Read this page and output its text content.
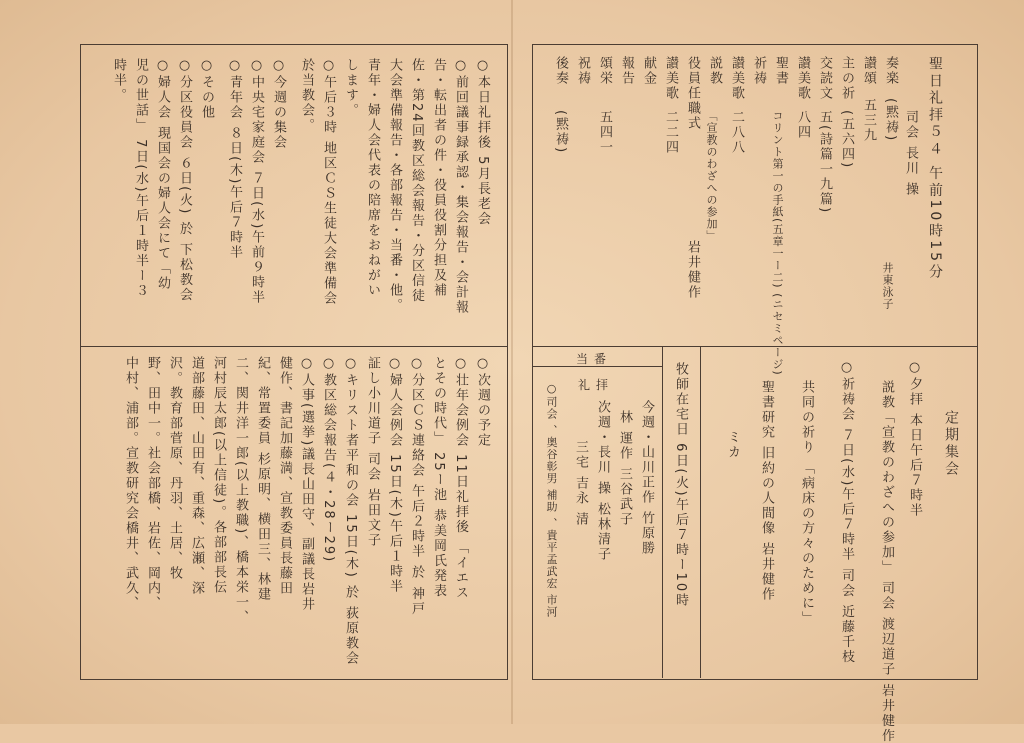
聖日礼拝５４ 午前10時15分
司会 長川 操
井東泳子
奏楽
(黙祷)
讃頌
五三九
主の祈
(五六四)
交読文
五(詩篇一九篇)
讃美歌
八四
聖書
コリント第一の手紙(五章一ー二) (ニセミページ)
祈祷
讃美歌
二八八
説教
「宣教のわざへの参加」
岩井健作
役員任職式
讃美歌
二二四
献金
報告
頌栄
五四一
祝祷
後奏
(黙祷)
定期集会
○夕拝 本日午后７時半
説教「宣教のわざへの参加」 司会 渡辺道子 岩井健作
○祈祷会 ７日(水)午后７時半 司会 近藤千枝
共同の祈り 「病床の方々のために」
聖書研究 旧約の人間像 岩井健作
ミカ
牧師在宅日 6日(火)午后７時ー10時
当番
礼拝
今週・山川正作 竹原勝
林 運作 三谷武子
次週・長川 操 松林清子
三宅 吉永 清
○司会 、奥谷彰男 補助 、貴平孟武宏 市河
○本日礼拝後 5月長老会
○前回議事録承認・集会報告・会計報
告・転出者の件・役員役割分担及補
佐・第24回教区総会報告・分区信徒
大会準備報告・各部報告・当番・他。
青年・婦人会代表の陪席をおねがい
します。
○午后３時 地区ＣＳ生徒大会準備会
於当教会。
○今週の集会
○中央宅家庭会 ７日(水)午前９時半
○青年会 ８日(木)午后７時半
○その他
○分区役員会 ６日(火) 於 下松教会
○婦人会 現国会の婦人会にて「幼
児の世話」 7日(水)午后１時半ー３
時半。
○次週の予定
○壮年会例会 11日礼拝後 「イエス
とその時代」 25ー池 恭美岡氏発表
○分区ＣＳ連絡会 午后２時半 於 神戸
○婦人会例会 15日(木)午后１時半
証し小川道子 司会 岩田文子
○キリスト者平和の会 15日(木) 於 荻原教会
○教区総会報告(４・28ー29)
○人事(選挙)議長山田守、副議長岩井
健作、書記加藤満、宣教委員長藤田
紀、常置委員 杉原明、横田三、林建
二、関井洋一郎(以上教職)、橋本栄一、
河村辰太郎(以上信徒)。各部部長伝
道部藤田、山田有、重森、広瀬、深
沢。教育部菅原、丹羽、土居、牧
野、田中一。社会部橋、岩佐、岡内、
中村、浦部。宣教研究会橋井、武久、
